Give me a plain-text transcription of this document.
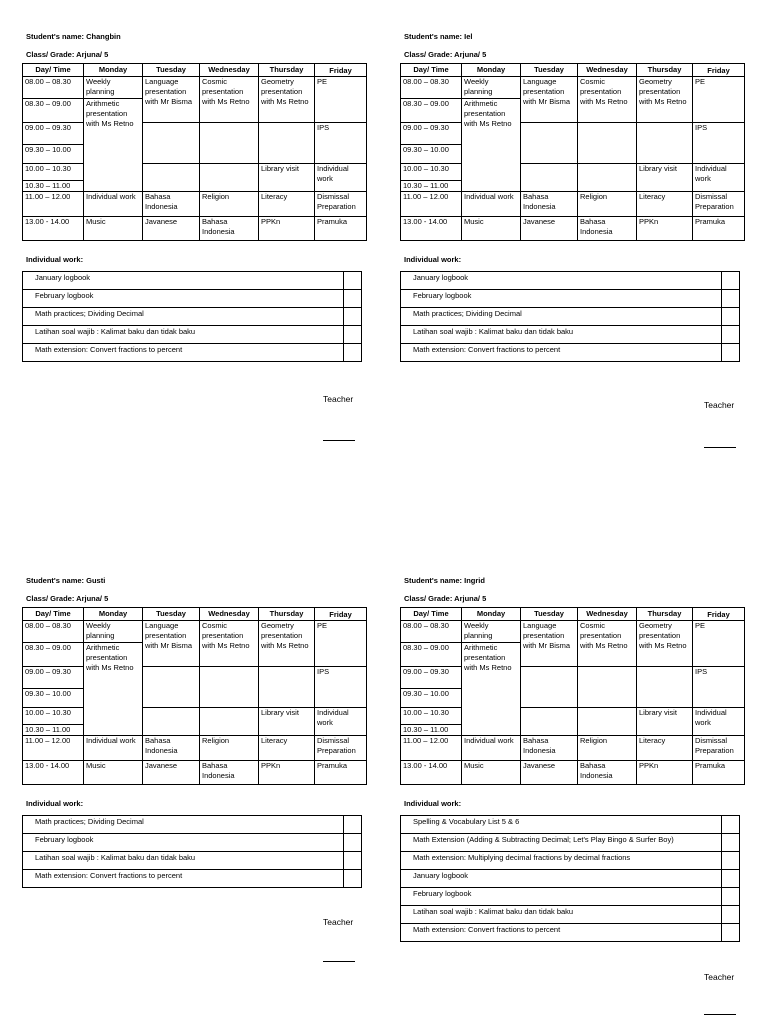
Student's name: Changbin
Class/ Grade: Arjuna/ 5
Day/ Time	Monday	Tuesday	Wednesday	Thursday	Friday
08.00 – 08.30	Weekly planning	Language presentation with Mr Bisma	Cosmic presentation with Ms Retno	Geometry presentation with Ms Retno	PE
08.30 – 09.00	Arithmetic presentation with Ms Retno				
09.00 – 09.30					IPS
09.30 – 10.00					
10.00 – 10.30				Library visit	Individual work
10.30 – 11.00					
11.00 – 12.00	Individual work	Bahasa Indonesia	Religion	Literacy	Dismissal Preparation
13.00 - 14.00	Music	Javanese	Bahasa Indonesia	PPKn	Pramuka
Individual work:
January logbook	
February logbook	
Math practices; Dividing Decimal	
Latihan soal wajib : Kalimat baku dan tidak baku	
Math extension: Convert fractions to percent	
Student's name: Iel
Class/ Grade: Arjuna/ 5
Day/ Time	Monday	Tuesday	Wednesday	Thursday	Friday
08.00 – 08.30	Weekly planning	Language presentation with Mr Bisma	Cosmic presentation with Ms Retno	Geometry presentation with Ms Retno	PE
08.30 – 09.00	Arithmetic presentation with Ms Retno				
09.00 – 09.30					IPS
09.30 – 10.00					
10.00 – 10.30				Library visit	Individual work
10.30 – 11.00					
11.00 – 12.00	Individual work	Bahasa Indonesia	Religion	Literacy	Dismissal Preparation
13.00 - 14.00	Music	Javanese	Bahasa Indonesia	PPKn	Pramuka
Individual work:
January logbook	
February logbook	
Math practices; Dividing Decimal	
Latihan soal wajib : Kalimat baku dan tidak baku	
Math extension: Convert fractions to percent	
Student's name: Gusti
Class/ Grade: Arjuna/ 5
Day/ Time	Monday	Tuesday	Wednesday	Thursday	Friday
08.00 – 08.30	Weekly planning	Language presentation with Mr Bisma	Cosmic presentation with Ms Retno	Geometry presentation with Ms Retno	PE
08.30 – 09.00	Arithmetic presentation with Ms Retno				
09.00 – 09.30					IPS
09.30 – 10.00					
10.00 – 10.30				Library visit	Individual work
10.30 – 11.00					
11.00 – 12.00	Individual work	Bahasa Indonesia	Religion	Literacy	Dismissal Preparation
13.00 - 14.00	Music	Javanese	Bahasa Indonesia	PPKn	Pramuka
Individual work:
Math practices; Dividing Decimal	
February logbook	
Latihan soal wajib : Kalimat baku dan tidak baku	
Math extension: Convert fractions to percent	
Student's name: Ingrid
Class/ Grade: Arjuna/ 5
Day/ Time	Monday	Tuesday	Wednesday	Thursday	Friday
08.00 – 08.30	Weekly planning	Language presentation with Mr Bisma	Cosmic presentation with Ms Retno	Geometry presentation with Ms Retno	PE
08.30 – 09.00	Arithmetic presentation with Ms Retno				
09.00 – 09.30					IPS
09.30 – 10.00					
10.00 – 10.30				Library visit	Individual work
10.30 – 11.00					
11.00 – 12.00	Individual work	Bahasa Indonesia	Religion	Literacy	Dismissal Preparation
13.00 - 14.00	Music	Javanese	Bahasa Indonesia	PPKn	Pramuka
Individual work:
Spelling & Vocabulary List 5 & 6	
Math Extension (Adding & Subtracting Decimal; Let's Play Bingo & Surfer Boy)	
Math extension: Multiplying decimal fractions by decimal fractions	
January logbook	
February logbook	
Latihan soal wajib : Kalimat baku dan tidak baku	
Math extension: Convert fractions to percent	
Teacher
Teacher
Teacher
Teacher
